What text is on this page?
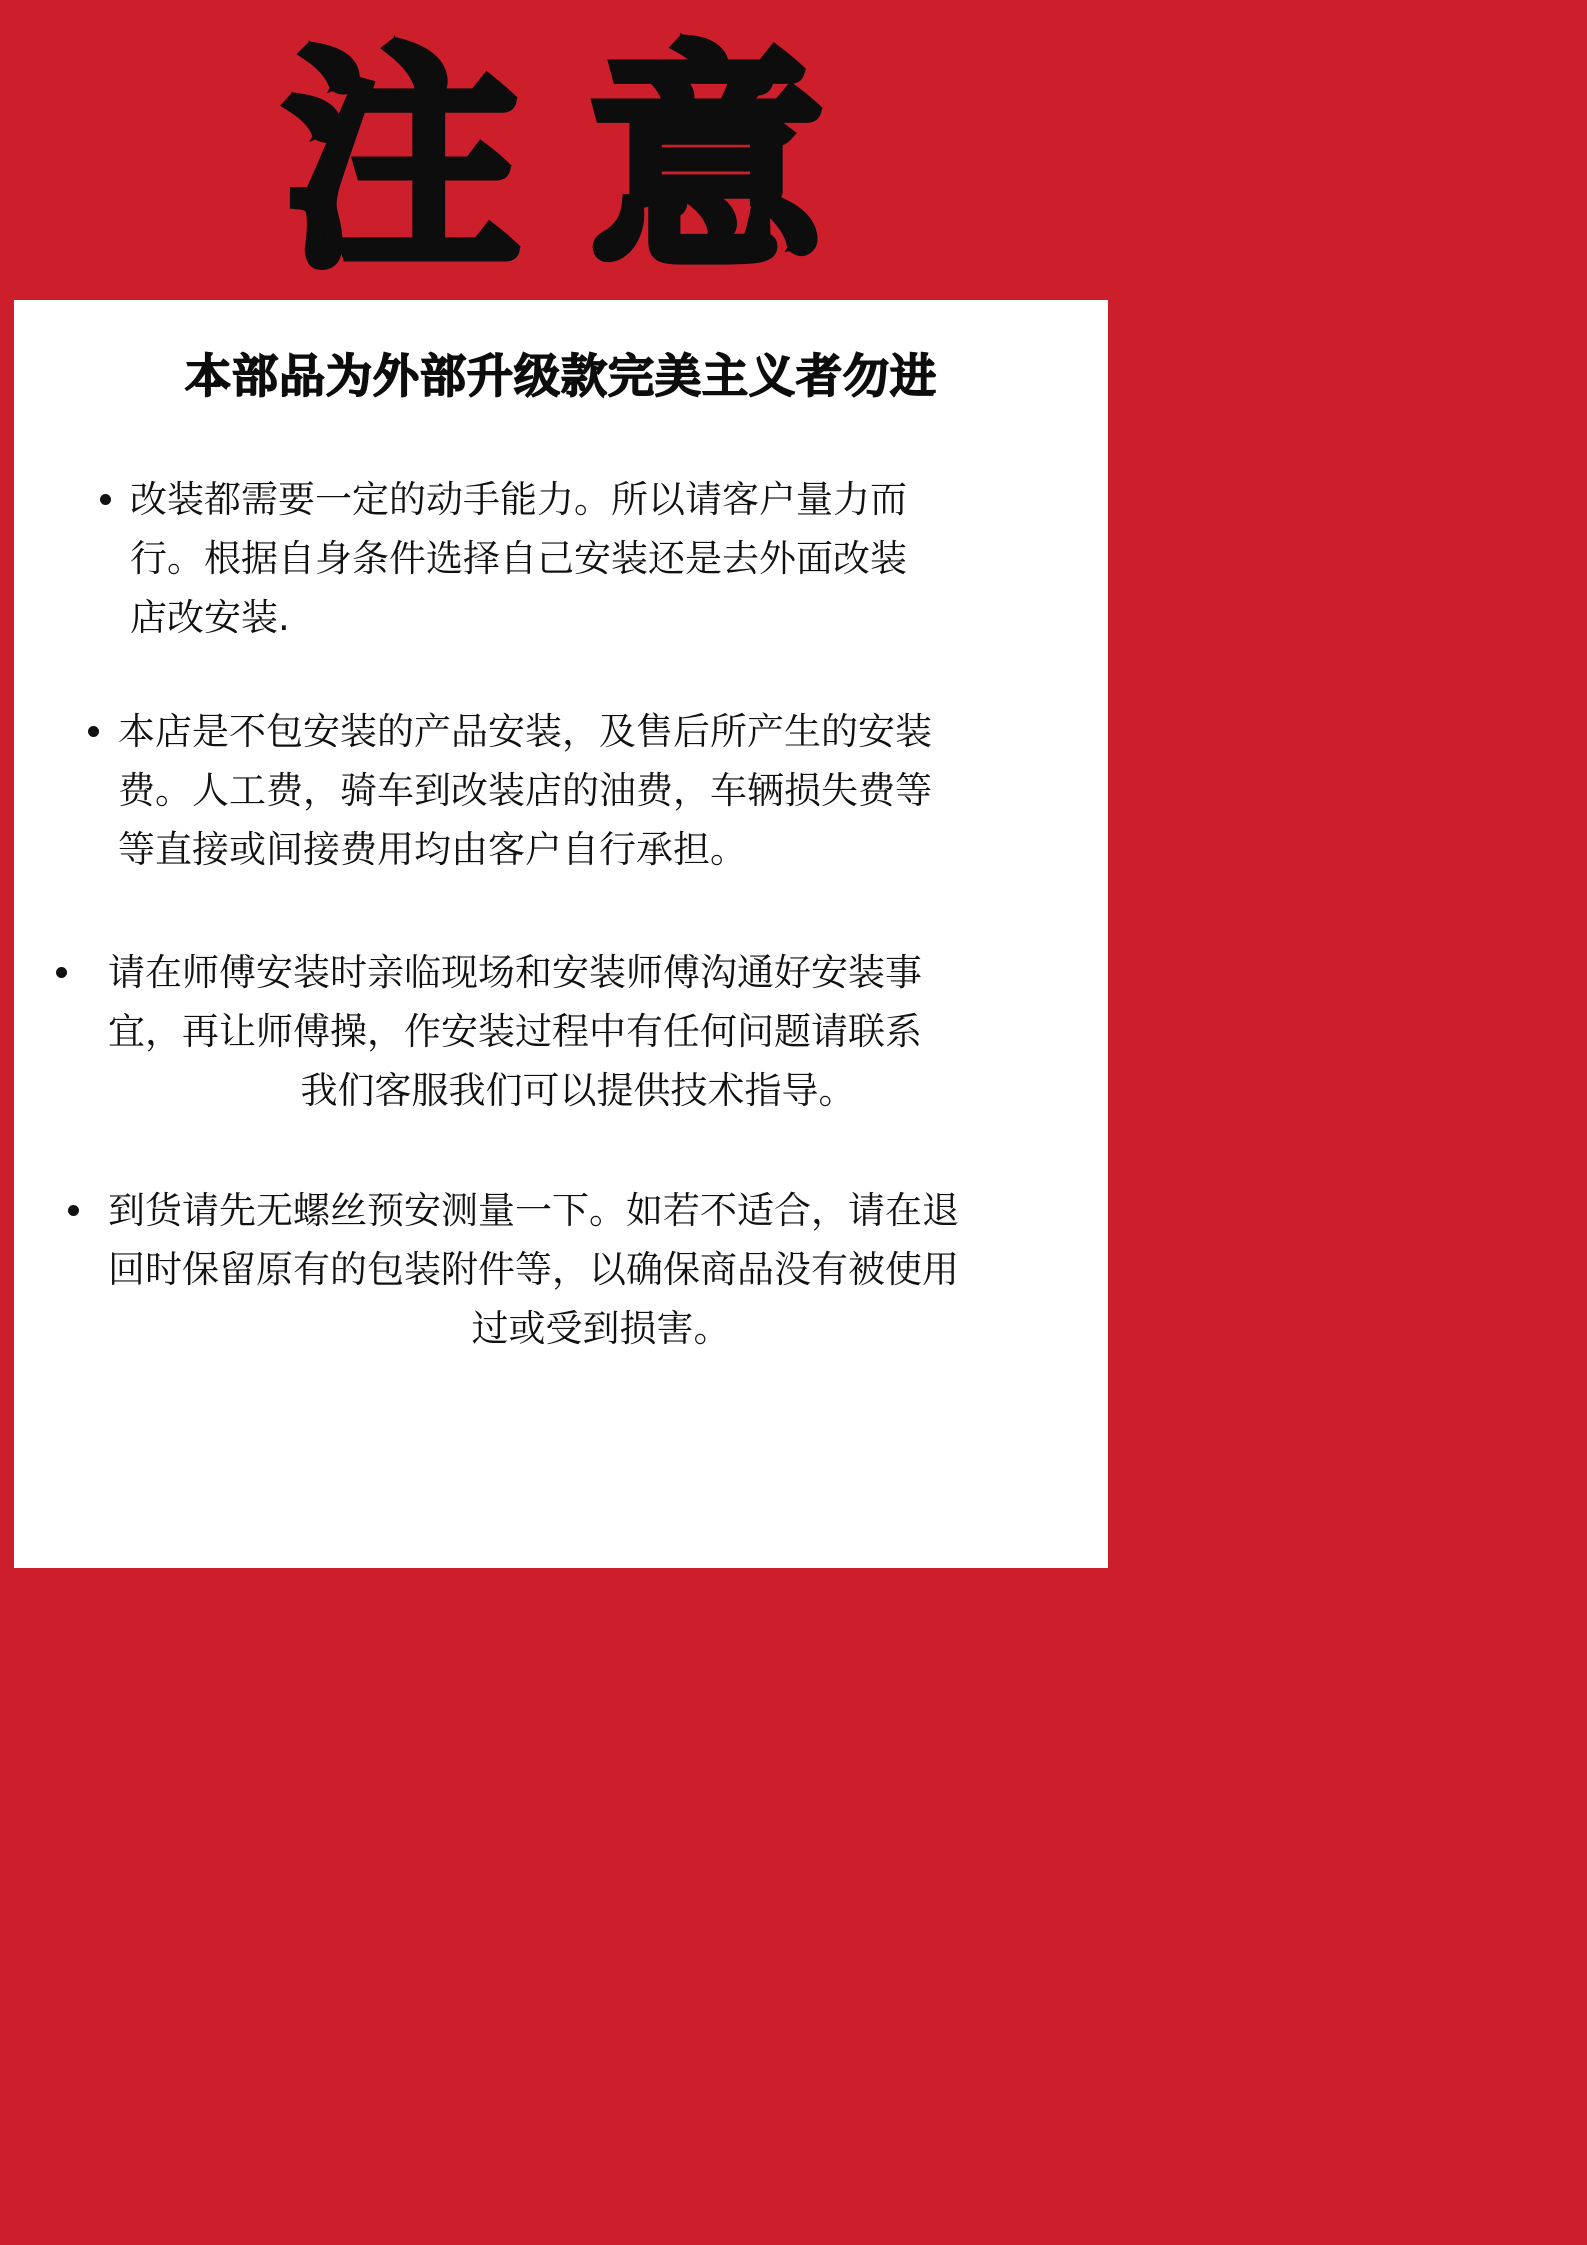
注意
本部品为外部升级款完美主义者勿进
改装都需要一定的动手能力。所以请客户量力而
行。根据自身条件选择自己安装还是去外面改装
店改安装.
本店是不包安装的产品安装，及售后所产生的安装
费。人工费，骑车到改装店的油费，车辆损失费等
等直接或间接费用均由客户自行承担。
请在师傅安装时亲临现场和安装师傅沟通好安装事
宜，再让师傅操，作安装过程中有任何问题请联系
我们客服我们可以提供技术指导。
到货请先无螺丝预安测量一下。如若不适合，请在退
回时保留原有的包装附件等，以确保商品没有被使用
过或受到损害。
